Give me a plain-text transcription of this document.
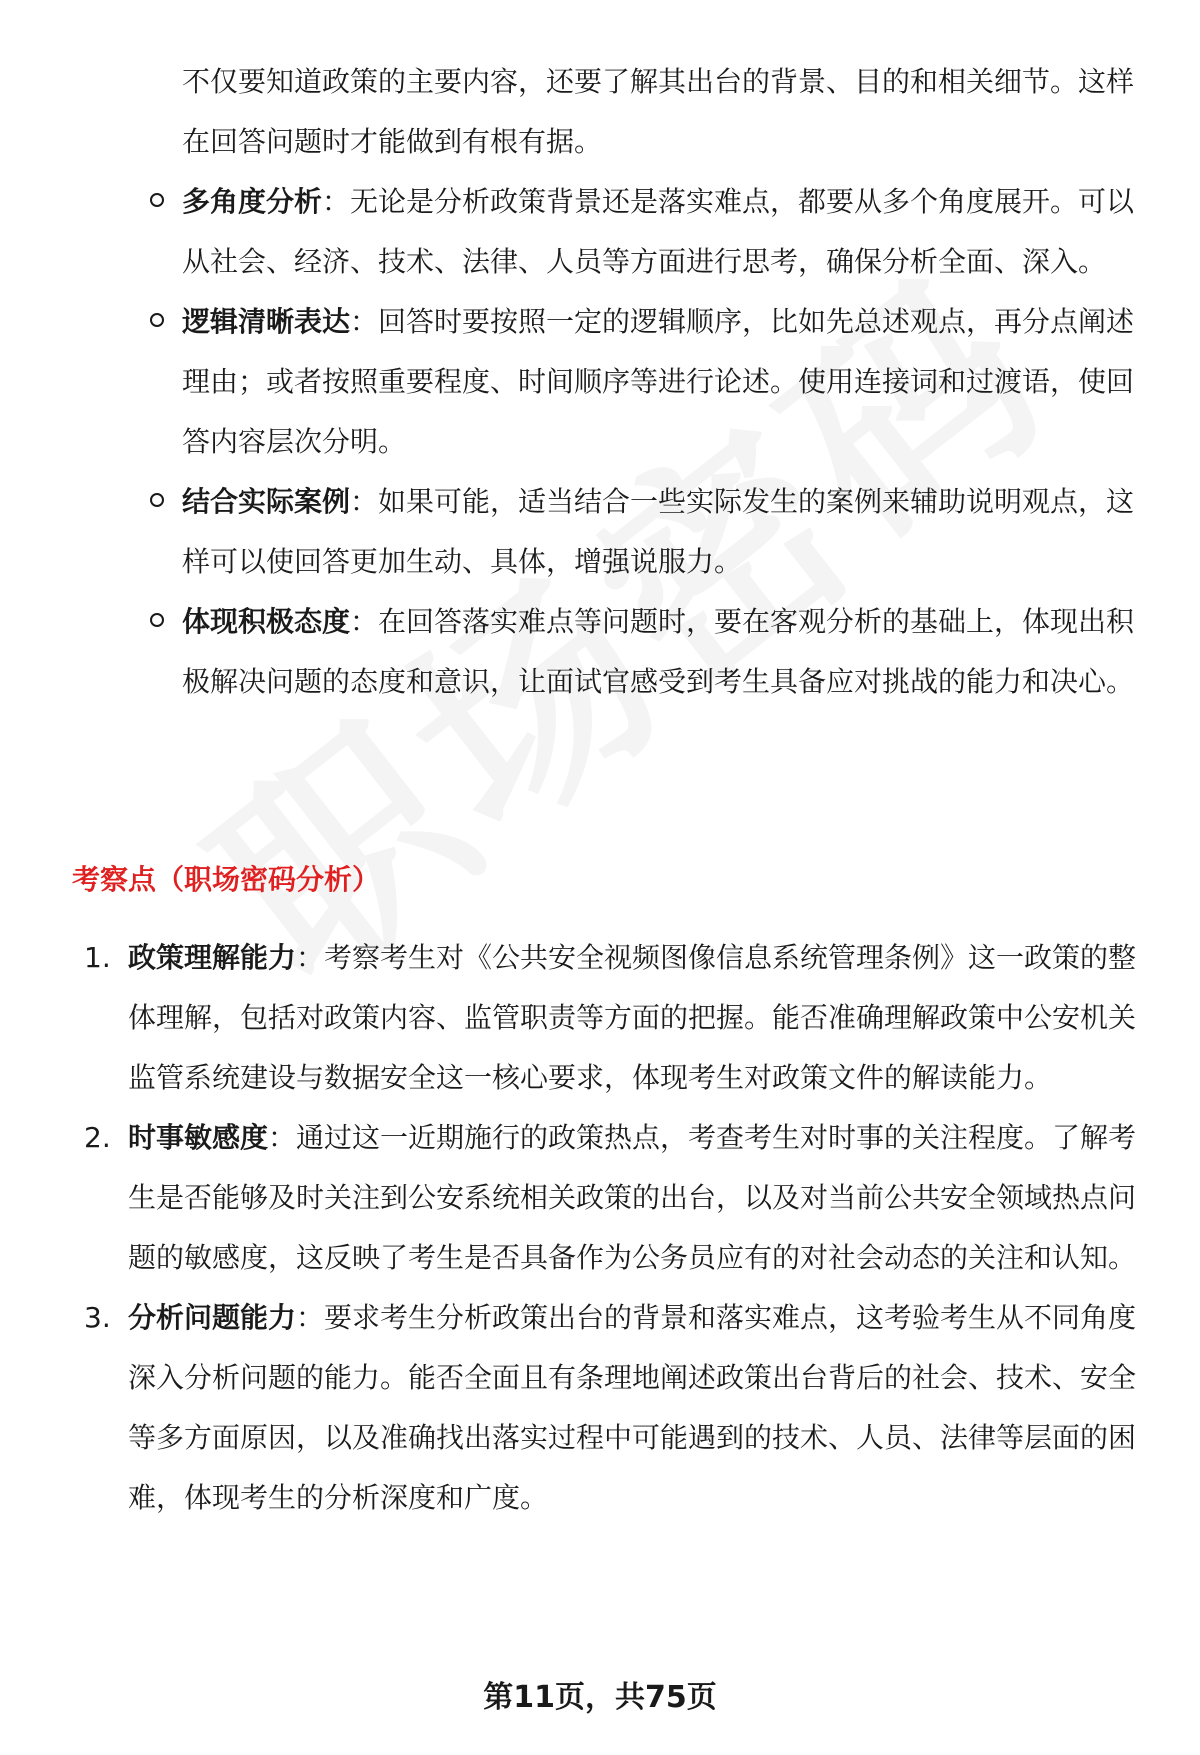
不仅要知道政策的主要内容，还要了解其出台的背景、目的和相关细节。这样在回答问题时才能做到有根有据。
多角度分析：无论是分析政策背景还是落实难点，都要从多个角度展开。可以从社会、经济、技术、法律、人员等方面进行思考，确保分析全面、深入。
逻辑清晰表达：回答时要按照一定的逻辑顺序，比如先总述观点，再分点阐述理由；或者按照重要程度、时间顺序等进行论述。使用连接词和过渡语，使回答内容层次分明。
结合实际案例：如果可能，适当结合一些实际发生的案例来辅助说明观点，这样可以使回答更加生动、具体，增强说服力。
体现积极态度：在回答落实难点等问题时，要在客观分析的基础上，体现出积极解决问题的态度和意识，让面试官感受到考生具备应对挑战的能力和决心。
考察点（职场密码分析）
1. 政策理解能力：考察考生对《公共安全视频图像信息系统管理条例》这一政策的整体理解，包括对政策内容、监管职责等方面的把握。能否准确理解政策中公安机关监管系统建设与数据安全这一核心要求，体现考生对政策文件的解读能力。
2. 时事敏感度：通过这一近期施行的政策热点，考查考生对时事的关注程度。了解考生是否能够及时关注到公安系统相关政策的出台，以及对当前公共安全领域热点问题的敏感度，这反映了考生是否具备作为公务员应有的对社会动态的关注和认知。
3. 分析问题能力：要求考生分析政策出台的背景和落实难点，这考验考生从不同角度深入分析问题的能力。能否全面且有条理地阐述政策出台背后的社会、技术、安全等多方面原因，以及准确找出落实过程中可能遇到的技术、人员、法律等层面的困难，体现考生的分析深度和广度。
第11页，共75页
